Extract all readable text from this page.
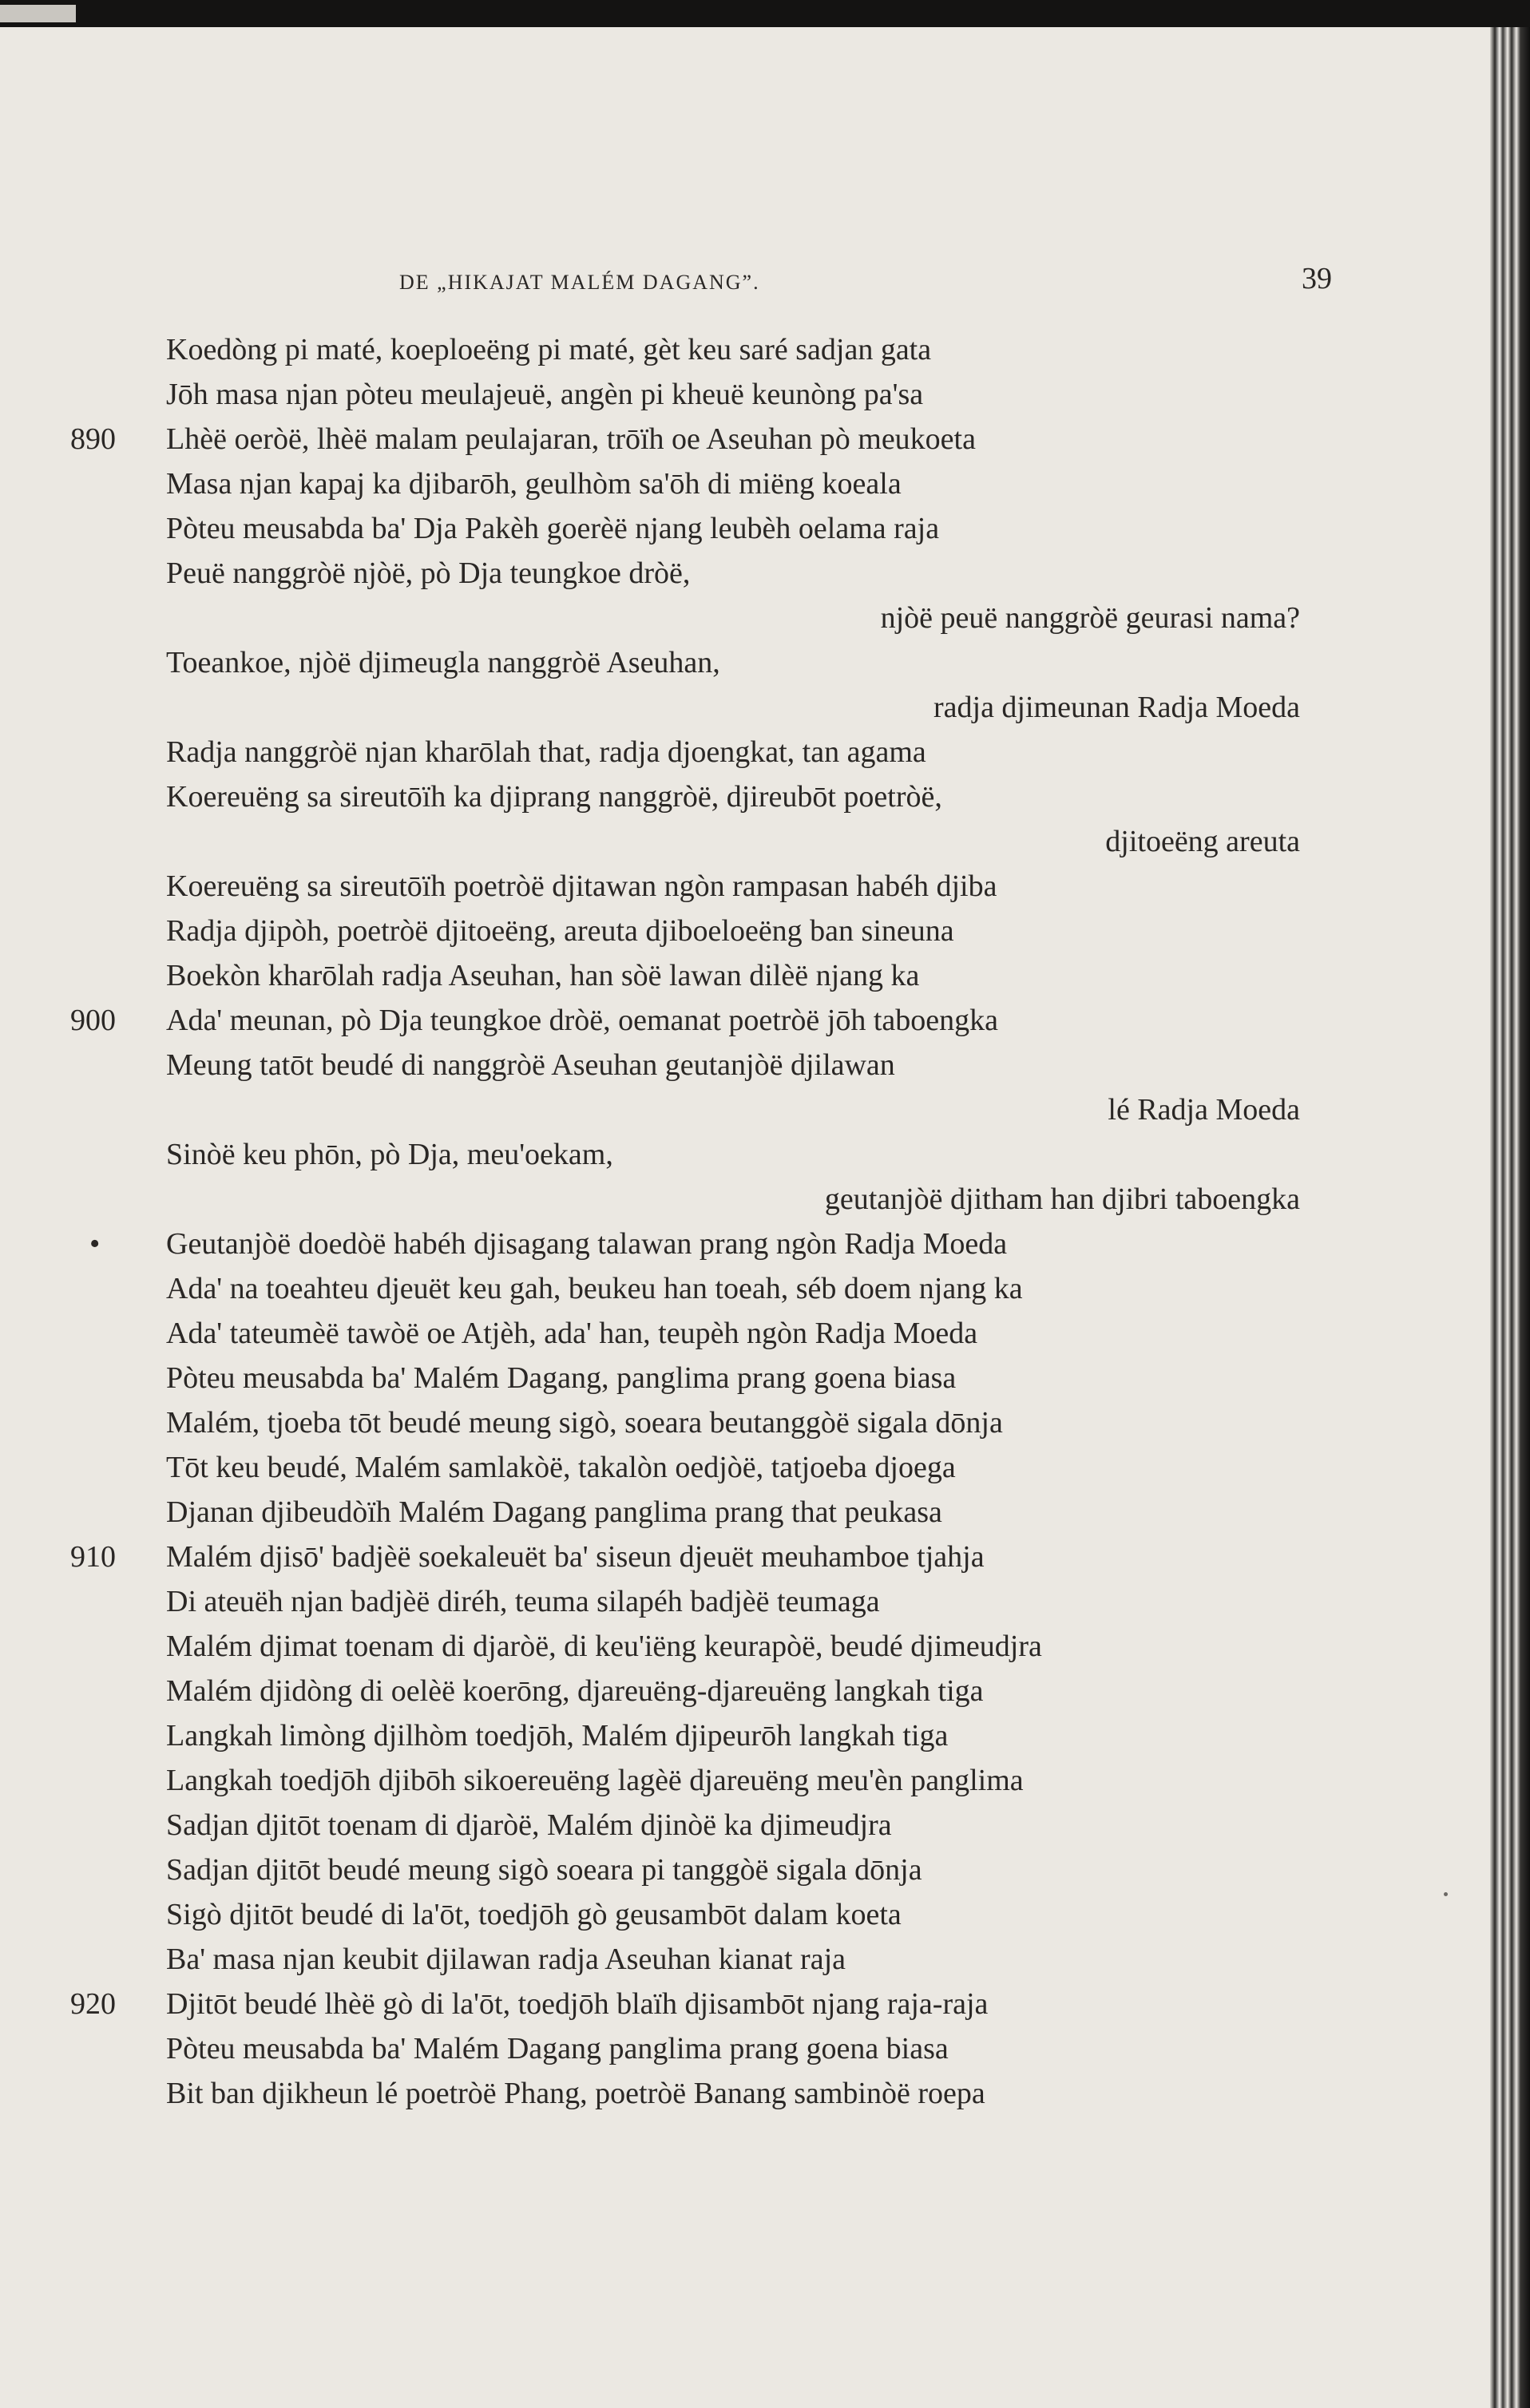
DE „HIKAJAT MALÉM DAGANG”.	39
Koedòng pi maté, koeploeëng pi maté, gèt keu saré sadjan gata
Jōh masa njan pòteu meulajeuë, angèn pi kheuë keunòng pa'sa
890	Lhèë oeròë, lhèë malam peulajaran, trōïh oe Aseuhan pò meukoeta
Masa njan kapaj ka djibarōh, geulhòm sa'ōh di miëng koeala
Pòteu meusabda ba' Dja Pakèh goerèë njang leubèh oelama raja
Peuë nanggròë njòë, pò Dja teungkoe dròë,
njòë peuë nanggròë geurasi nama?
Toeankoe, njòë djimeugla nanggròë Aseuhan,
radja djimeunan Radja Moeda
Radja nanggròë njan kharōlah that, radja djoengkat, tan agama
Koereuëng sa sireutōïh ka djiprang nanggròë, djireubōt poetròë,
djitoeëng areuta
Koereuëng sa sireutōïh poetròë djitawan ngòn rampasan habéh djiba
Radja djipòh, poetròë djitoeëng, areuta djiboeloeëng ban sineuna
Boekòn kharōlah radja Aseuhan, han sòë lawan dilèë njang ka
900	Ada' meunan, pò Dja teungkoe dròë, oemanat poetròë jōh taboengka
Meung tatōt beudé di nanggròë Aseuhan geutanjòë djilawan
lé Radja Moeda
Sinòë keu phōn, pò Dja, meu'oekam,
geutanjòë djitham han djibri taboengka
• Geutanjòë doedòë habéh djisagang talawan prang ngòn Radja Moeda
Ada' na toeahteu djeuët keu gah, beukeu han toeah, séb doem njang ka
Ada' tateumèë tawòë oe Atjèh, ada' han, teupèh ngòn Radja Moeda
Pòteu meusabda ba' Malém Dagang, panglima prang goena biasa
Malém, tjoeba tōt beudé meung sigò, soeara beutanggòë sigala dōnja
Tōt keu beudé, Malém samlakòë, takalòn oedjòë, tatjoeba djoega
Djanan djibeudòïh Malém Dagang panglima prang that peukasa
910	Malém djisō' badjèë soekaleuët ba' siseun djeuët meuhamboe tjahja
Di ateuëh njan badjèë diréh, teuma silapéh badjèë teumaga
Malém djimat toenam di djaròë, di keu'iëng keurapòë, beudé djimeudjra
Malém djidòng di oelèë koerōng, djareuëng-djareuëng langkah tiga
Langkah limòng djilhòm toedjōh, Malém djipeurōh langkah tiga
Langkah toedjōh djibōh sikoereuëng lagèë djareuëng meu'èn panglima
Sadjan djitōt toenam di djaròë, Malém djinòë ka djimeudjra
Sadjan djitōt beudé meung sigò soeara pi tanggòë sigala dōnja
Sigò djitōt beudé di la'ōt, toedjōh gò geusambōt dalam koeta
Ba' masa njan keubit djilawan radja Aseuhan kianat raja
920	Djitōt beudé lhèë gò di la'ōt, toedjōh blaïh djisambōt njang raja-raja
Pòteu meusabda ba' Malém Dagang panglima prang goena biasa
Bit ban djikheun lé poetròë Phang, poetròë Banang sambinòë roepa
